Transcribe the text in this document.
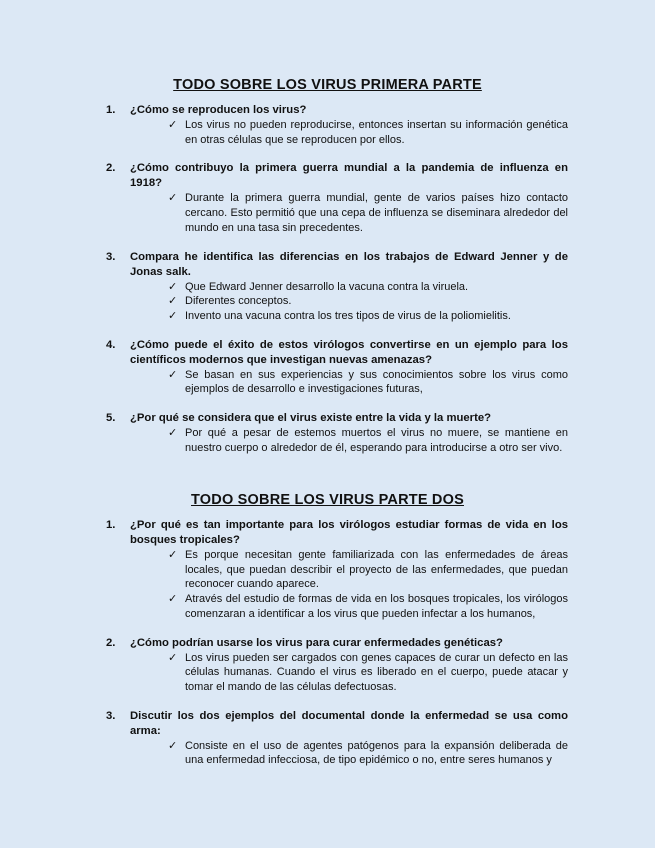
TODO SOBRE LOS VIRUS PRIMERA PARTE
1. ¿Cómo se reproducen los virus?
✓ Los virus no pueden reproducirse, entonces insertan su información genética en otras células que se reproducen por ellos.
2. ¿Cómo contribuyo la primera guerra mundial a la pandemia de influenza en 1918?
✓ Durante la primera guerra mundial, gente de varios países hizo contacto cercano. Esto permitió que una cepa de influenza se diseminara alrededor del mundo en una tasa sin precedentes.
3. Compara he identifica las diferencias en los trabajos de Edward Jenner y de Jonas salk.
✓ Que Edward Jenner desarrollo la vacuna contra la viruela.
✓ Diferentes conceptos.
✓ Invento una vacuna contra los tres tipos de virus de la poliomielitis.
4. ¿Cómo puede el éxito de estos virólogos convertirse en un ejemplo para los científicos modernos que investigan nuevas amenazas?
✓ Se basan en sus experiencias y sus conocimientos sobre los virus como ejemplos de desarrollo e investigaciones futuras,
5. ¿Por qué se considera que el virus existe entre la vida y la muerte?
✓ Por qué a pesar de estemos muertos el virus no muere, se mantiene en nuestro cuerpo o alrededor de él, esperando para introducirse a otro ser vivo.
TODO SOBRE LOS VIRUS PARTE DOS
1. ¿Por qué es tan importante para los virólogos estudiar formas de vida en los bosques tropicales?
✓ Es porque necesitan gente familiarizada con las enfermedades de áreas locales, que puedan describir el proyecto de las enfermedades, que puedan reconocer cuando aparece.
✓ Através del estudio de formas de vida en los bosques tropicales, los virólogos comenzaran a identificar a los virus que pueden infectar a los humanos,
2. ¿Cómo podrían usarse los virus para curar enfermedades genéticas?
✓ Los virus pueden ser cargados con genes capaces de curar un defecto en las células humanas. Cuando el virus es liberado en el cuerpo, puede atacar y tomar el mando de las células defectuosas.
3. Discutir los dos ejemplos del documental donde la enfermedad se usa como arma:
✓ Consiste en el uso de agentes patógenos para la expansión deliberada de una enfermedad infecciosa, de tipo epidémico o no, entre seres humanos y
